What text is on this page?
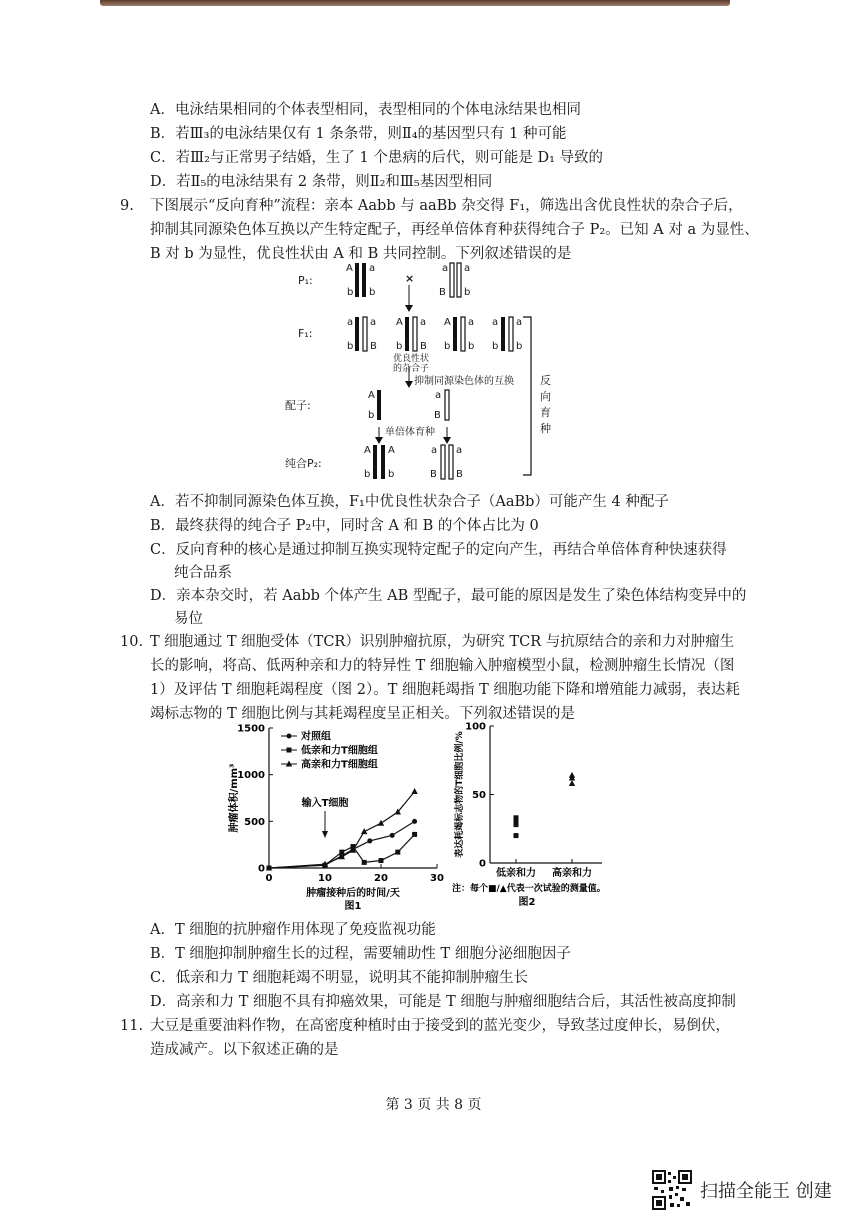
A．电泳结果相同的个体表型相同，表型相同的个体电泳结果也相同
B．若Ⅲ₃的电泳结果仅有 1 条条带，则Ⅱ₄的基因型只有 1 种可能
C．若Ⅲ₂与正常男子结婚，生了 1 个患病的后代，则可能是 D₁ 导致的
D．若Ⅱ₅的电泳结果有 2 条带，则Ⅱ₂和Ⅲ₅基因型相同
9. 下图展示“反向育种”流程：亲本 Aabb 与 aaBb 杂交得 F₁，筛选出含优良性状的杂合子后，
抑制其同源染色体互换以产生特定配子，再经单倍体育种获得纯合子 P₂。已知 A 对 a 为显性、
B 对 b 为显性，优良性状由 A 和 B 共同控制。下列叙述错误的是
P₁:
F₁:
配子:
纯合P₂:
A a
b b
a a
B b
×
a a
b B
A a
b B
A a
b b
a a
b b
优良性状
的杂合子
抑制同源染色体的互换
A
b
a
B
单倍体育种
A A
b b
a a
B B
反
向
育
种
A．若不抑制同源染色体互换，F₁中优良性状杂合子（AaBb）可能产生 4 种配子
B．最终获得的纯合子 P₂中，同时含 A 和 B 的个体占比为 0
C．反向育种的核心是通过抑制互换实现特定配子的定向产生，再结合单倍体育种快速获得
纯合品系
D．亲本杂交时，若 Aabb 个体产生 AB 型配子，最可能的原因是发生了染色体结构变异中的
易位
10. T 细胞通过 T 细胞受体（TCR）识别肿瘤抗原，为研究 TCR 与抗原结合的亲和力对肿瘤生
长的影响，将高、低两种亲和力的特异性 T 细胞输入肿瘤模型小鼠，检测肿瘤生长情况（图
1）及评估 T 细胞耗竭程度（图 2）。T 细胞耗竭指 T 细胞功能下降和增殖能力减弱，表达耗
竭标志物的 T 细胞比例与其耗竭程度呈正相关。下列叙述错误的是
0
500
1000
1500
0	10	20	30
肿瘤接种后的时间/天
图1
肿瘤体积/mm³
对照组
低亲和力T细胞组
高亲和力T细胞组
输入T细胞
0
50
100
低亲和力 高亲和力
表达耗竭标志物的T细胞比例/%
注：每个■/▲代表一次试验的测量值。
图2
A．T 细胞的抗肿瘤作用体现了免疫监视功能
B．T 细胞抑制肿瘤生长的过程，需要辅助性 T 细胞分泌细胞因子
C．低亲和力 T 细胞耗竭不明显，说明其不能抑制肿瘤生长
D．高亲和力 T 细胞不具有抑癌效果，可能是 T 细胞与肿瘤细胞结合后，其活性被高度抑制
11. 大豆是重要油料作物，在高密度种植时由于接受到的蓝光变少，导致茎过度伸长，易倒伏，
造成减产。以下叙述正确的是
第 3 页 共 8 页
扫描全能王 创建
